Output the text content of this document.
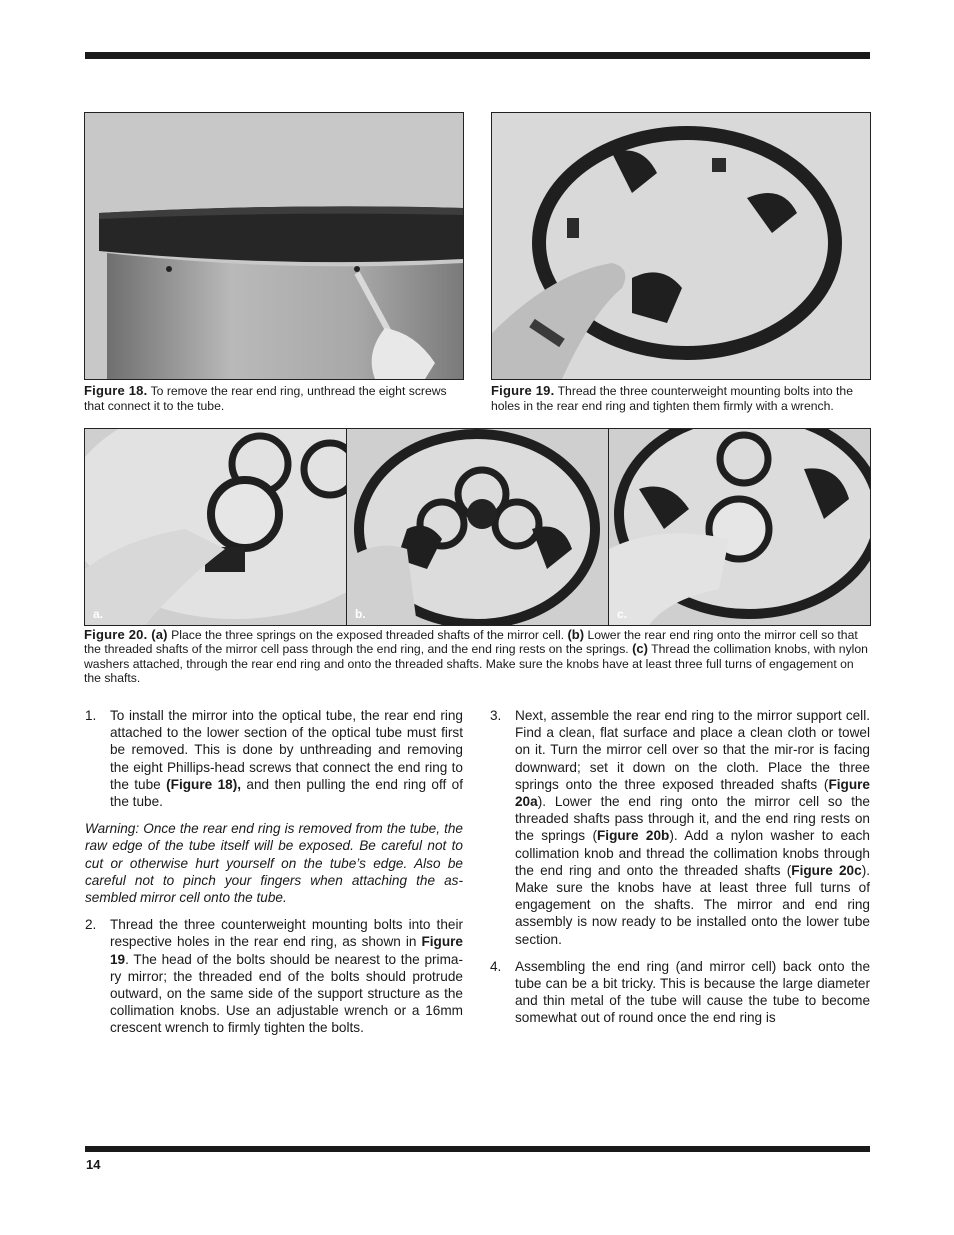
Figure 18. To remove the rear end ring, unthread the eight screws that connect it to the tube.
Figure 19. Thread the three counterweight mounting bolts into the holes in the rear end ring and tighten them firmly with a wrench.
a.	b.	c.
Figure 20. (a) Place the three springs on the exposed threaded shafts of the mirror cell. (b) Lower the rear end ring onto the mirror cell so that the threaded shafts of the mirror cell pass through the end ring, and the end ring rests on the springs. (c) Thread the collimation knobs, with nylon washers attached, through the rear end ring and onto the threaded shafts. Make sure the knobs have at least three full turns of engagement on the shafts.
1. To install the mirror into the optical tube, the rear end ring attached to the lower section of the optical tube must first be removed. This is done by unthreading and removing the eight Phillips-head screws that connect the end ring to the tube (Figure 18), and then pulling the end ring off of the tube.
Warning: Once the rear end ring is removed from the tube, the raw edge of the tube itself will be exposed. Be careful not to cut or otherwise hurt yourself on the tube’s edge. Also be careful not to pinch your fingers when attaching the as-sembled mirror cell onto the tube.
2. Thread the three counterweight mounting bolts into their respective holes in the rear end ring, as shown in Figure 19. The head of the bolts should be nearest to the prima-ry mirror; the threaded end of the bolts should protrude outward, on the same side of the support structure as the collimation knobs. Use an adjustable wrench or a 16mm crescent wrench to firmly tighten the bolts.
3. Next, assemble the rear end ring to the mirror support cell. Find a clean, flat surface and place a clean cloth or towel on it. Turn the mirror cell over so that the mir-ror is facing downward; set it down on the cloth. Place the three springs onto the three exposed threaded shafts (Figure 20a). Lower the end ring onto the mirror cell so the threaded shafts pass through it, and the end ring rests on the springs (Figure 20b). Add a nylon washer to each collimation knob and thread the collimation knobs through the end ring and onto the threaded shafts (Figure 20c). Make sure the knobs have at least three full turns of engagement on the shafts. The mirror and end ring assembly is now ready to be installed onto the lower tube section.
4. Assembling the end ring (and mirror cell) back onto the tube can be a bit tricky. This is because the large diameter and thin metal of the tube will cause the tube to become somewhat out of round once the end ring is
14
